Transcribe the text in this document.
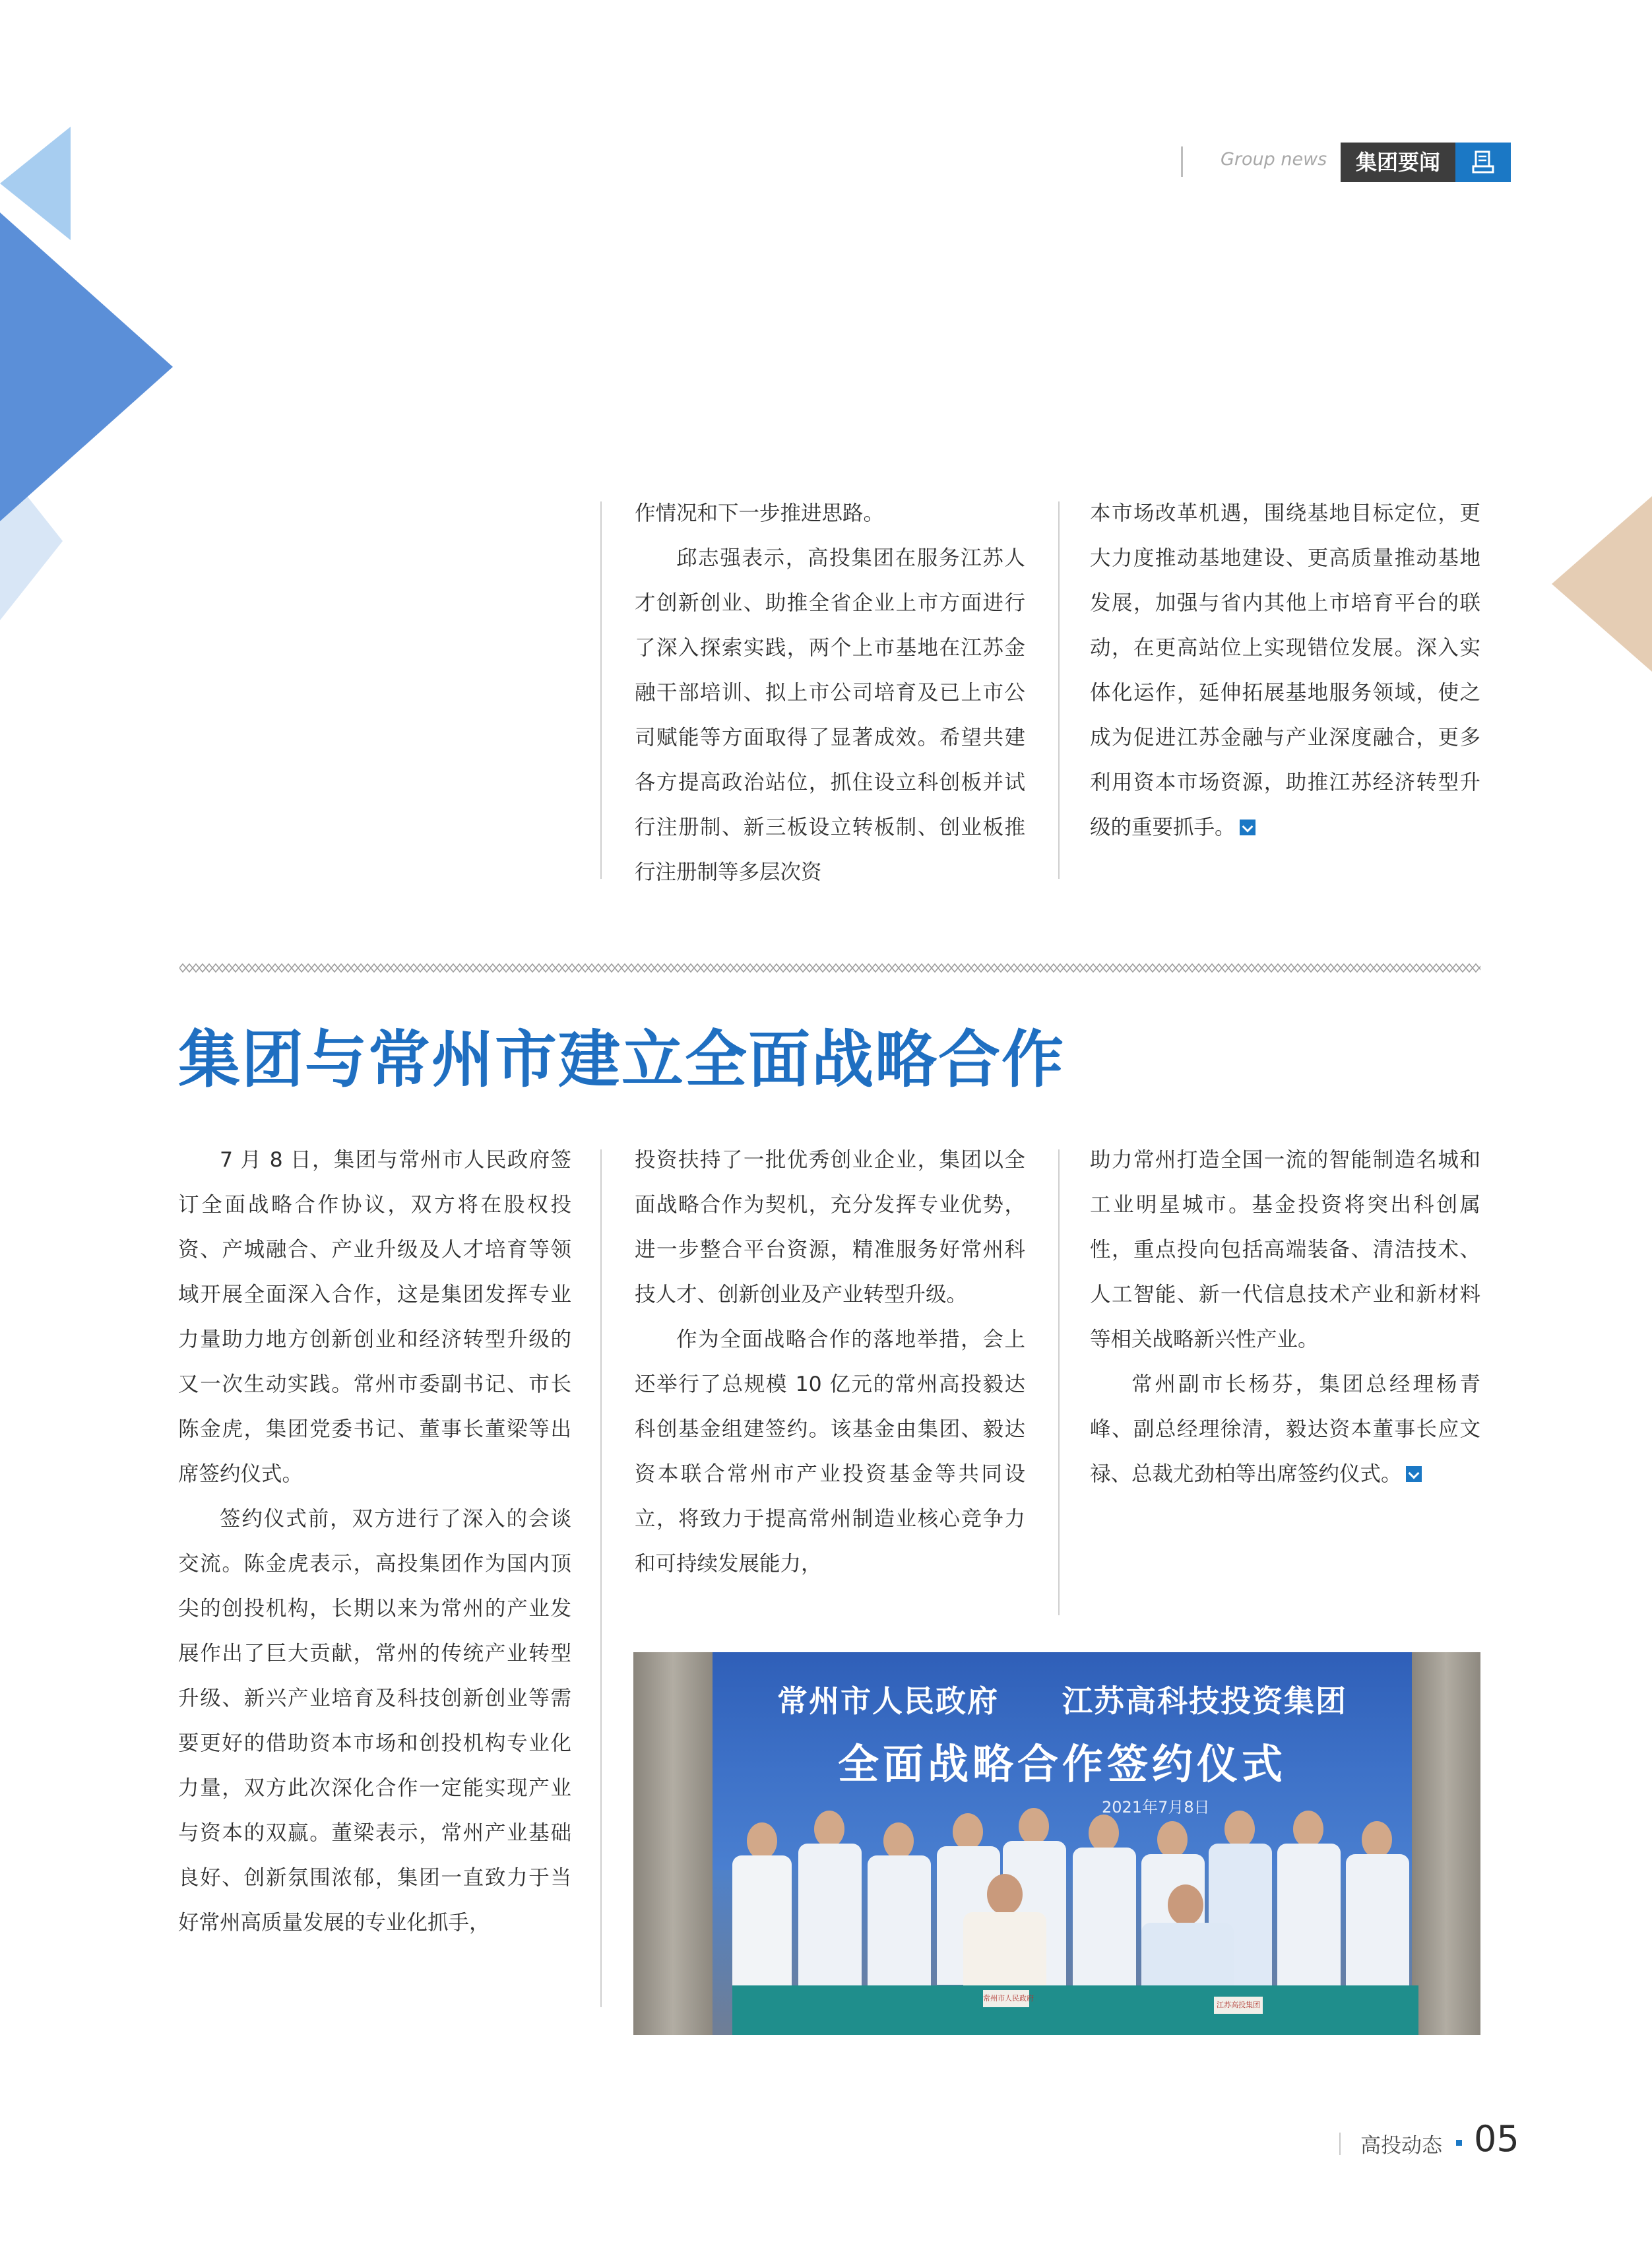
Group news	集团要闻

作情况和下一步推进思路。

邱志强表示，高投集团在服务江苏人才创新创业、助推全省企业上市方面进行了深入探索实践，两个上市基地在江苏金融干部培训、拟上市公司培育及已上市公司赋能等方面取得了显著成效。希望共建各方提高政治站位，抓住设立科创板并试行注册制、新三板设立转板制、创业板推行注册制等多层次资

本市场改革机遇，围绕基地目标定位，更大力度推动基地建设、更高质量推动基地发展，加强与省内其他上市培育平台的联动，在更高站位上实现错位发展。深入实体化运作，延伸拓展基地服务领域，使之成为促进江苏金融与产业深度融合，更多利用资本市场资源，助推江苏经济转型升级的重要抓手。

集团与常州市建立全面战略合作

7 月 8 日，集团与常州市人民政府签订全面战略合作协议，双方将在股权投资、产城融合、产业升级及人才培育等领域开展全面深入合作，这是集团发挥专业力量助力地方创新创业和经济转型升级的又一次生动实践。常州市委副书记、市长陈金虎，集团党委书记、董事长董梁等出席签约仪式。

签约仪式前，双方进行了深入的会谈交流。陈金虎表示，高投集团作为国内顶尖的创投机构，长期以来为常州的产业发展作出了巨大贡献，常州的传统产业转型升级、新兴产业培育及科技创新创业等需要更好的借助资本市场和创投机构专业化力量，双方此次深化合作一定能实现产业与资本的双赢。董梁表示，常州产业基础良好、创新氛围浓郁，集团一直致力于当好常州高质量发展的专业化抓手，

投资扶持了一批优秀创业企业，集团以全面战略合作为契机，充分发挥专业优势，进一步整合平台资源，精准服务好常州科技人才、创新创业及产业转型升级。

作为全面战略合作的落地举措，会上还举行了总规模 10 亿元的常州高投毅达科创基金组建签约。该基金由集团、毅达资本联合常州市产业投资基金等共同设立，将致力于提高常州制造业核心竞争力和可持续发展能力，

助力常州打造全国一流的智能制造名城和工业明星城市。基金投资将突出科创属性，重点投向包括高端装备、清洁技术、人工智能、新一代信息技术产业和新材料等相关战略新兴性产业。

常州副市长杨芬，集团总经理杨青峰、副总经理徐清，毅达资本董事长应文禄、总裁尤劲柏等出席签约仪式。

常州市人民政府　　江苏高科技投资集团
全面战略合作签约仪式
2021年7月8日
常州市人民政府
江苏高投集团
高投动态 05
